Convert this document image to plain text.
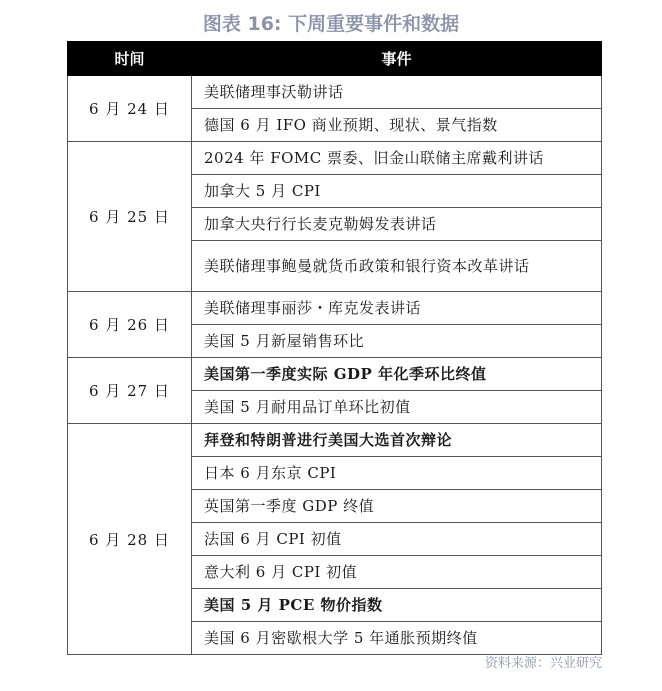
图表 16: 下周重要事件和数据
时间	事件
6 月 24 日	美联储理事沃勒讲话
	德国 6 月 IFO 商业预期、现状、景气指数
6 月 25 日	2024 年 FOMC 票委、旧金山联储主席戴利讲话
	加拿大 5 月 CPI
	加拿大央行行长麦克勒姆发表讲话
	美联储理事鲍曼就货币政策和银行资本改革讲话
6 月 26 日	美联储理事丽莎・库克发表讲话
	美国 5 月新屋销售环比
6 月 27 日	美国第一季度实际 GDP 年化季环比终值
	美国 5 月耐用品订单环比初值
6 月 28 日	拜登和特朗普进行美国大选首次辩论
	日本 6 月东京 CPI
	英国第一季度 GDP 终值
	法国 6 月 CPI 初值
	意大利 6 月 CPI 初值
	美国 5 月 PCE 物价指数
	美国 6 月密歇根大学 5 年通胀预期终值
资料来源：兴业研究
